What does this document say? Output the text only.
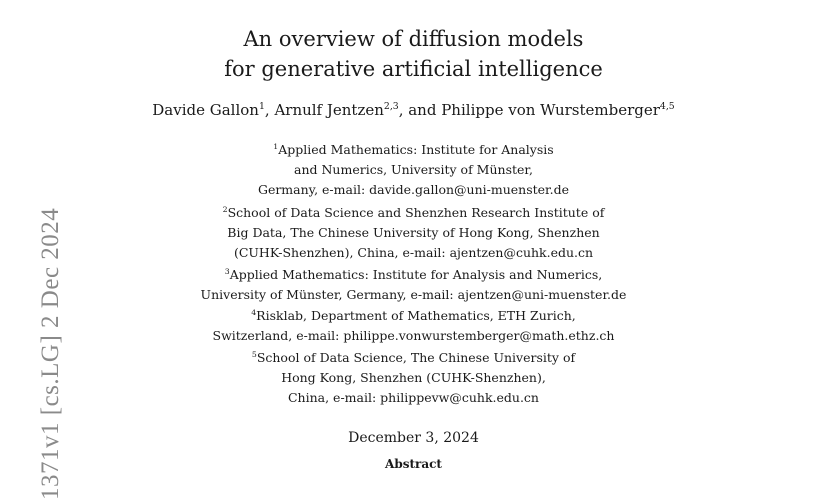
An overview of diffusion models
for generative artificial intelligence
Davide Gallon$^1$, Arnulf Jentzen$^{2,3}$, and Philippe von Wurstemberger$^{4,5}$
$^1$Applied Mathematics: Institute for Analysis
and Numerics, University of Münster,
Germany, e-mail: davide.gallon@uni-muenster.de
$^2$School of Data Science and Shenzhen Research Institute of
Big Data, The Chinese University of Hong Kong, Shenzhen
(CUHK-Shenzhen), China, e-mail: ajentzen@cuhk.edu.cn
$^3$Applied Mathematics: Institute for Analysis and Numerics,
University of Münster, Germany, e-mail: ajentzen@uni-muenster.de
$^4$Risklab, Department of Mathematics, ETH Zurich,
Switzerland, e-mail: philippe.vonwurstemberger@math.ethz.ch
$^5$School of Data Science, The Chinese University of
Hong Kong, Shenzhen (CUHK-Shenzhen),
China, e-mail: philippevw@cuhk.edu.cn
December 3, 2024
Abstract
1371v1 [cs.LG] 2 Dec 2024
